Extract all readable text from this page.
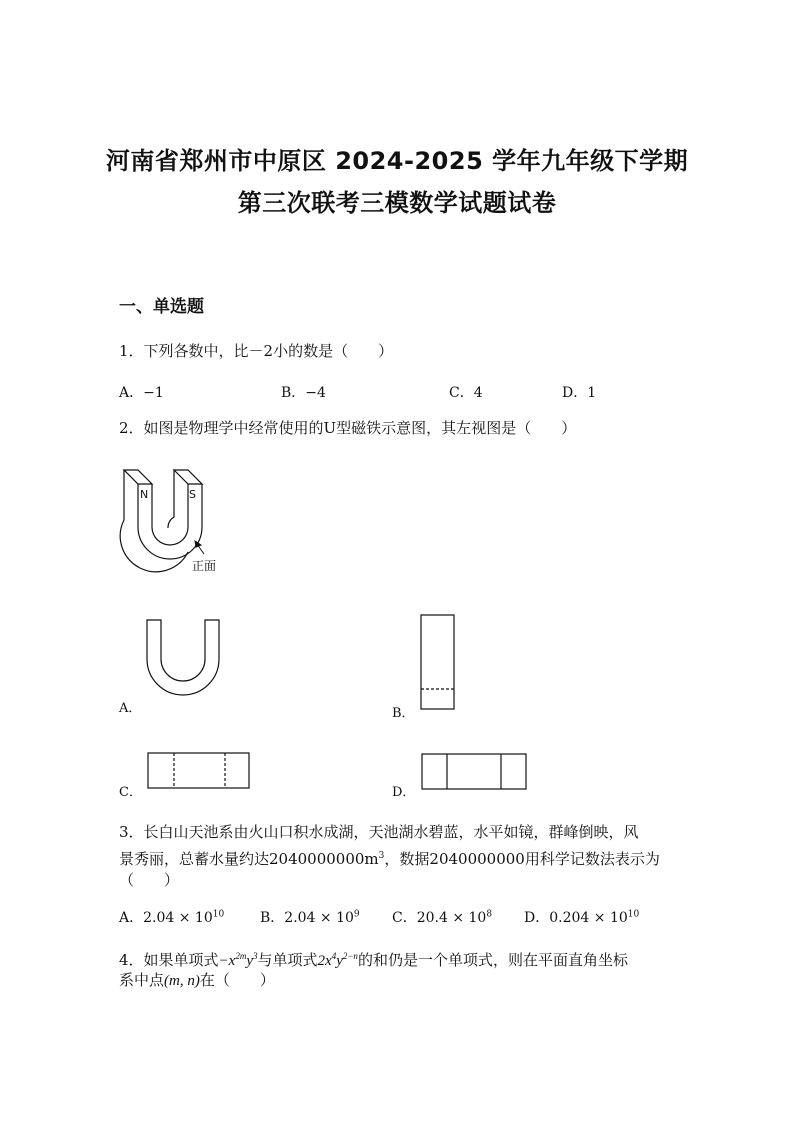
河南省郑州市中原区 2024-2025 学年九年级下学期
第三次联考三模数学试题试卷
一、单选题
1．下列各数中，比－2小的数是（　　）
A．−1	B．−4	C．4	D．1
2．如图是物理学中经常使用的U型磁铁示意图，其左视图是（　　）
N	S
正面
A．	B．
C．	D．
3．长白山天池系由火山口积水成湖，天池湖水碧蓝，水平如镜，群峰倒映，风
景秀丽，总蓄水量约达$2040000000m^3$，数据2040000000用科学记数法表示为
（　　）
A．$2.04 \times 10^{10}$	B．$2.04 \times 10^9$ C．$20.4 \times 10^8$ D．$0.204 \times 10^{10}$
4．如果单项式$-x^{2m}y^3$与单项式$2x^4y^{2-n}$的和仍是一个单项式，则在平面直角坐标
系中点(m, n)在（　　）
